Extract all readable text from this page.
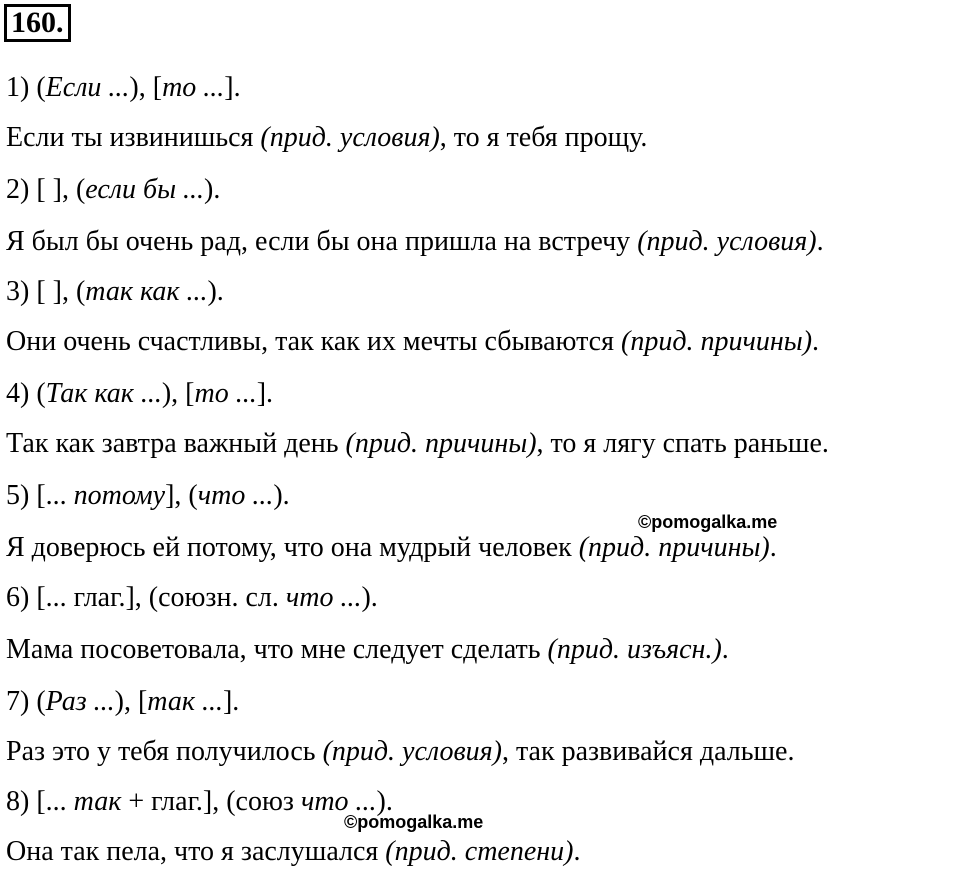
160.
1) (Если ...), [то ...].
Если ты извинишься (прид. условия), то я тебя прощу.
2) [ ], (если бы ...).
Я был бы очень рад, если бы она пришла на встречу (прид. условия).
3) [ ], (так как ...).
Они очень счастливы, так как их мечты сбываются (прид. причины).
4) (Так как ...), [то ...].
Так как завтра важный день (прид. причины), то я лягу спать раньше.
5) [... потому], (что ...).
©pomogalka.me
Я доверюсь ей потому, что она мудрый человек (прид. причины).
6) [... глаг.], (союзн. сл. что ...).
Мама посоветовала, что мне следует сделать (прид. изъясн.).
7) (Раз ...), [так ...].
Раз это у тебя получилось (прид. условия), так развивайся дальше.
8) [... так + глаг.], (союз что ...).
©pomogalka.me
Она так пела, что я заслушался (прид. степени).
